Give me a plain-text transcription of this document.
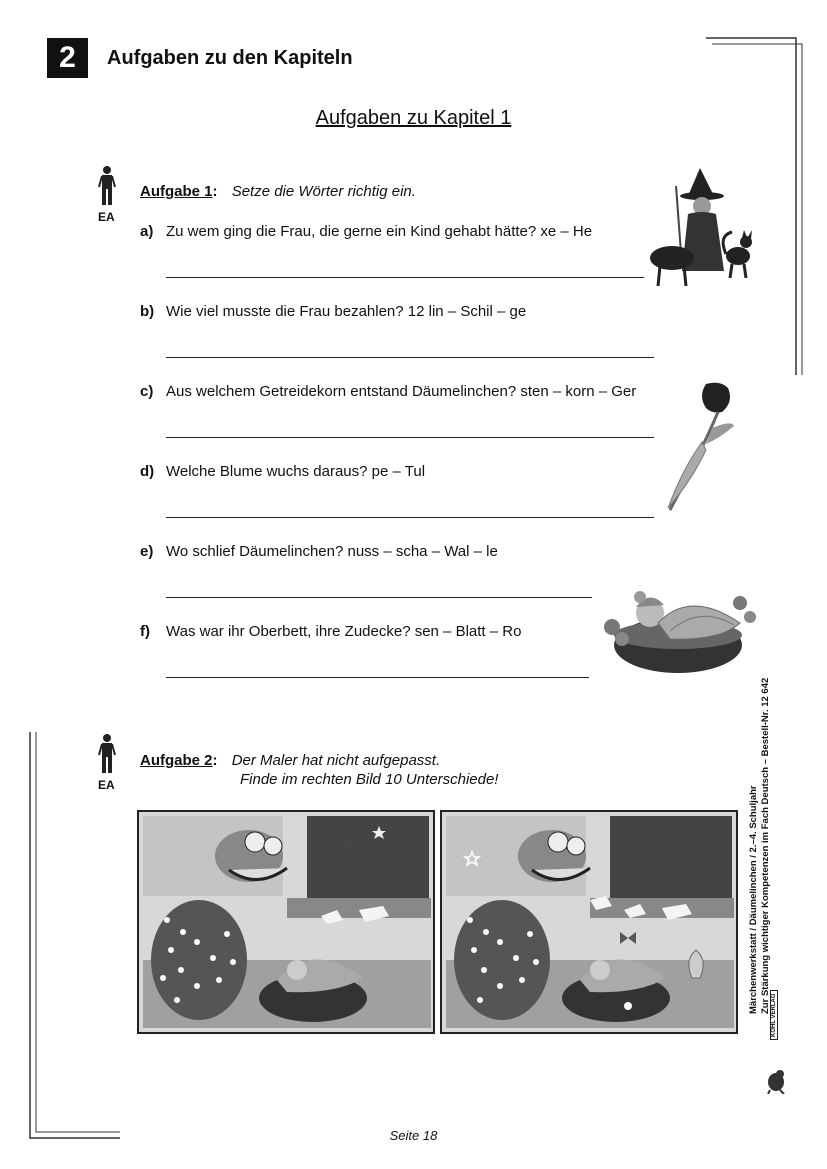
2 Aufgaben zu den Kapiteln
Aufgaben zu Kapitel 1
EA
Aufgabe 1: Setze die Wörter richtig ein.
a) Zu wem ging die Frau, die gerne ein Kind gehabt hätte? xe – He
b) Wie viel musste die Frau bezahlen? 12 lin – Schil – ge
c) Aus welchem Getreidekorn entstand Däumelinchen? sten – korn – Ger
d) Welche Blume wuchs daraus? pe – Tul
e) Wo schlief Däumelinchen? nuss – scha – Wal – le
f) Was war ihr Oberbett, ihre Zudecke? sen – Blatt – Ro
EA
Aufgabe 2: Der Maler hat nicht aufgepasst.
Finde im rechten Bild 10 Unterschiede!
Märchenwerkstatt / Däumelinchen / 2.–4. Schuljahr Zur Stärkung wichtiger Kompetenzen im Fach Deutsch – Bestell-Nr. 12 642
KOHL VERLAG
Seite 18
